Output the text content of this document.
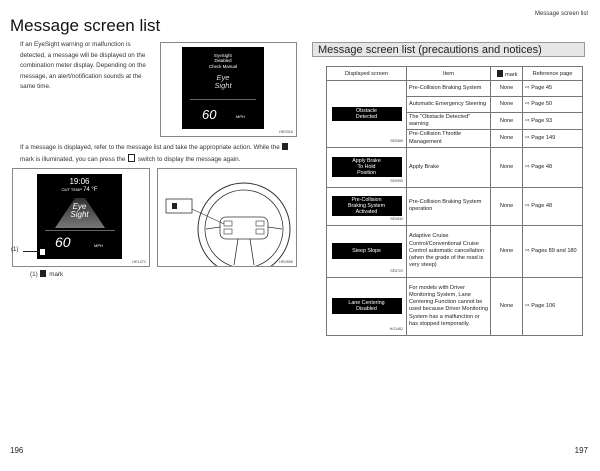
Message screen list
Message screen list
If an EyeSight warning or malfunction is detected, a message will be displayed on the combination meter display. Depending on the message, an alert/notification sounds at the same time.
EyeSight
Disabled
Check Manual
Eye
Sight
60	MPH
HE0316
If a message is displayed, refer to the message list and take the appropriate action. While the  mark is illuminated, you can press the switch to display the message again.
19:06
OUT TEMP 74 °F
Eye
Sight
60	MPH
(1)
HE1371	HE0550
(1) mark
196
Message screen list (precautions and notices)
Displayed screen	Item	mark	Reference page

Obstacle
Detected
SE0989	Pre-Collision Braking System	None	⇨ Page 45
	Automatic Emergency Steering	None	⇨ Page 50
	The "Obstacle Detected" warning	None	⇨ Page 93
	Pre-Collision Throttle Management	None	⇨ Page 149

Apply Brake
To Hold
Position
SE0990	Apply Brake	None	⇨ Page 48

Pre-Collision
Braking System
Activated
SE0532	Pre-Collision Braking System operation	None	⇨ Page 48

Steep Slope
SE0722	Adaptive Cruise Control/Conventional Cruise Control automatic cancellation (when the grade of the road is very steep)	None	⇨ Pages 89 and 180

Lane Centering
Disabled
HO1462	For models with Driver Monitoring System, Lane Centering Function cannot be used because Driver Monitoring System has a malfunction or has stopped temporarily.	None	⇨ Page 106
197
